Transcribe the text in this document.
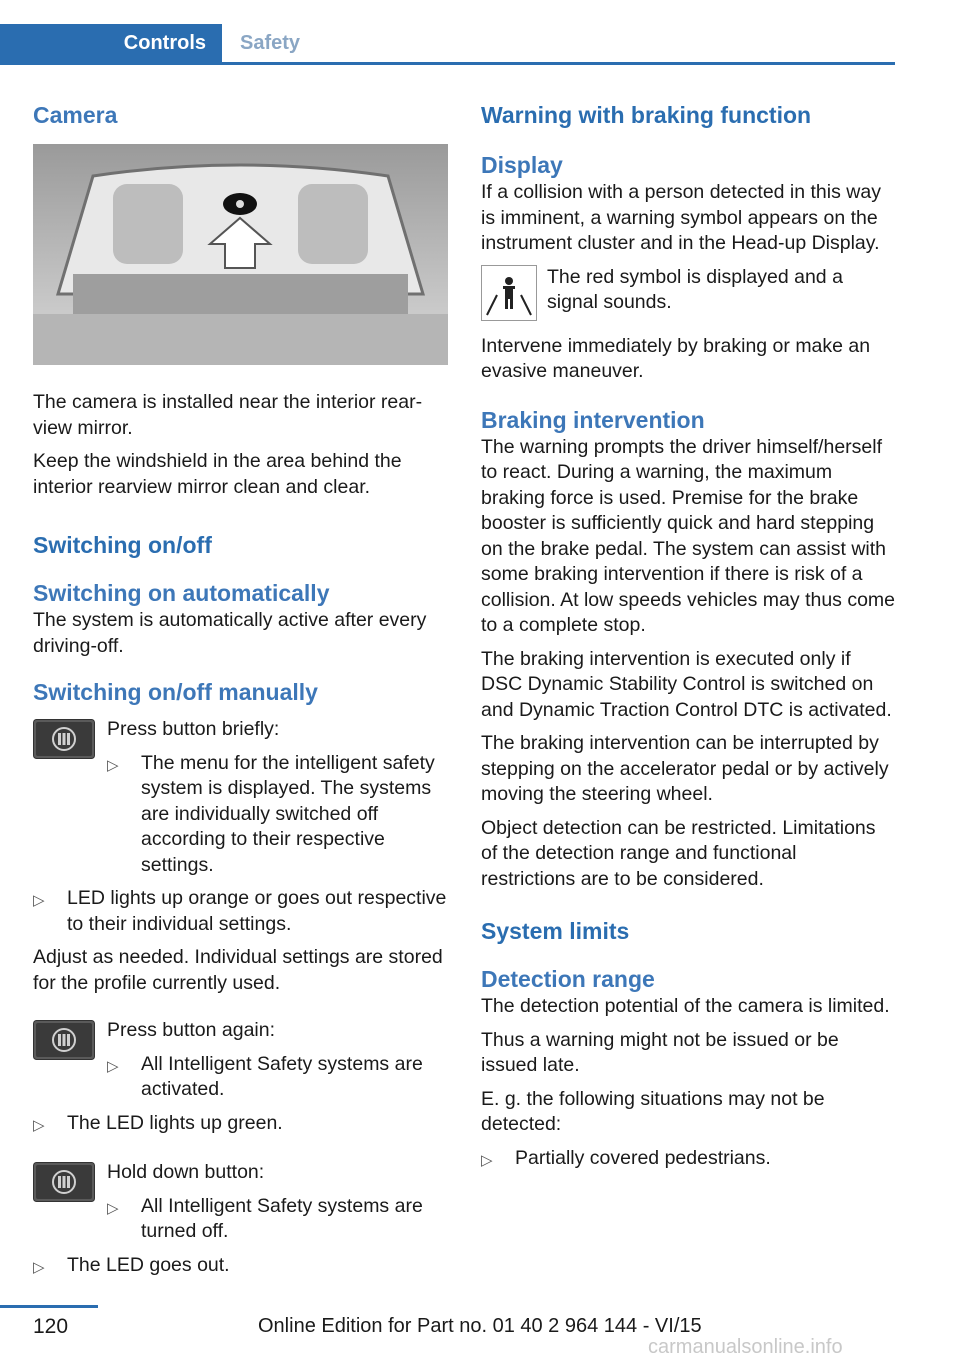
Controls	Safety
Camera

The camera is installed near the interior rear-view mirror.

Keep the windshield in the area behind the interior rearview mirror clean and clear.

Switching on/off
Switching on automatically

The system is automatically active after every driving-off.

Switching on/off manually

Press button briefly:

▷	The menu for the intelligent safety system is displayed. The systems are individually switched off according to their respective settings.
▷	LED lights up orange or goes out respective to their individual settings.

Adjust as needed. Individual settings are stored for the profile currently used.

Press button again:

▷	All Intelligent Safety systems are activated.
▷	The LED lights up green.

Hold down button:

▷	All Intelligent Safety systems are turned off.
▷	The LED goes out.
Warning with braking function
Display

If a collision with a person detected in this way is imminent, a warning symbol appears on the instrument cluster and in the Head-up Display.

The red symbol is displayed and a signal sounds.

Intervene immediately by braking or make an evasive maneuver.

Braking intervention

The warning prompts the driver himself/herself to react. During a warning, the maximum braking force is used. Premise for the brake booster is sufficiently quick and hard stepping on the brake pedal. The system can assist with some braking intervention if there is risk of a collision. At low speeds vehicles may thus come to a complete stop.

The braking intervention is executed only if DSC Dynamic Stability Control is switched on and Dynamic Traction Control DTC is activated.

The braking intervention can be interrupted by stepping on the accelerator pedal or by actively moving the steering wheel.

Object detection can be restricted. Limitations of the detection range and functional restrictions are to be considered.

System limits
Detection range

The detection potential of the camera is limited.

Thus a warning might not be issued or be issued late.

E. g. the following situations may not be detected:

▷	Partially covered pedestrians.
120	Online Edition for Part no. 01 40 2 964 144 - VI/15
carmanualsonline.info
